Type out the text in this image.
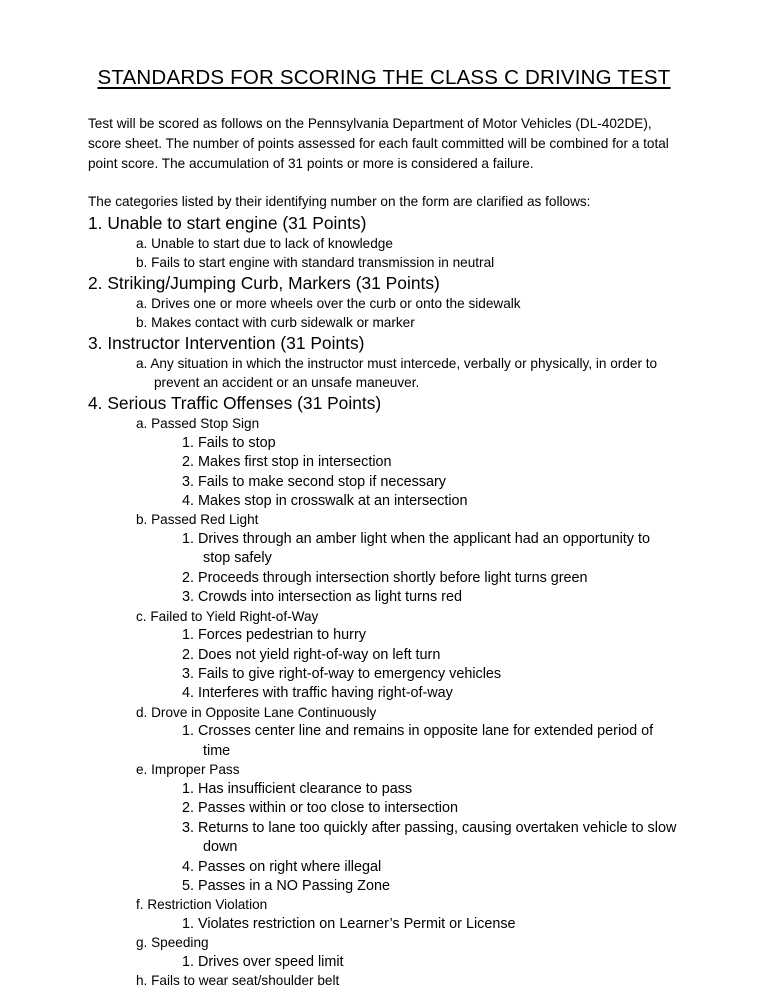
STANDARDS FOR SCORING THE CLASS C DRIVING TEST

Test will be scored as follows on the Pennsylvania Department of Motor Vehicles (DL-402DE), score sheet. The number of points assessed for each fault committed will be combined for a total point score. The accumulation of 31 points or more is considered a failure.

The categories listed by their identifying number on the form are clarified as follows:

1. Unable to start engine (31 Points)
a. Unable to start due to lack of knowledge
b. Fails to start engine with standard transmission in neutral
2. Striking/Jumping Curb, Markers (31 Points)
a. Drives one or more wheels over the curb or onto the sidewalk
b. Makes contact with curb sidewalk or marker
3. Instructor Intervention (31 Points)
a. Any situation in which the instructor must intercede, verbally or physically, in order to prevent an accident or an unsafe maneuver.
4. Serious Traffic Offenses (31 Points)
a. Passed Stop Sign
1. Fails to stop
2. Makes first stop in intersection
3. Fails to make second stop if necessary
4. Makes stop in crosswalk at an intersection
b. Passed Red Light
1. Drives through an amber light when the applicant had an opportunity to stop safely
2. Proceeds through intersection shortly before light turns green
3. Crowds into intersection as light turns red
c. Failed to Yield Right-of-Way
1. Forces pedestrian to hurry
2. Does not yield right-of-way on left turn
3. Fails to give right-of-way to emergency vehicles
4. Interferes with traffic having right-of-way
d. Drove in Opposite Lane Continuously
1. Crosses center line and remains in opposite lane for extended period of time
e. Improper Pass
1. Has insufficient clearance to pass
2. Passes within or too close to intersection
3. Returns to lane too quickly after passing, causing overtaken vehicle to slow down
4. Passes on right where illegal
5. Passes in a NO Passing Zone
f. Restriction Violation
1. Violates restriction on Learner’s Permit or License
g. Speeding
1. Drives over speed limit
h. Fails to wear seat/shoulder belt
